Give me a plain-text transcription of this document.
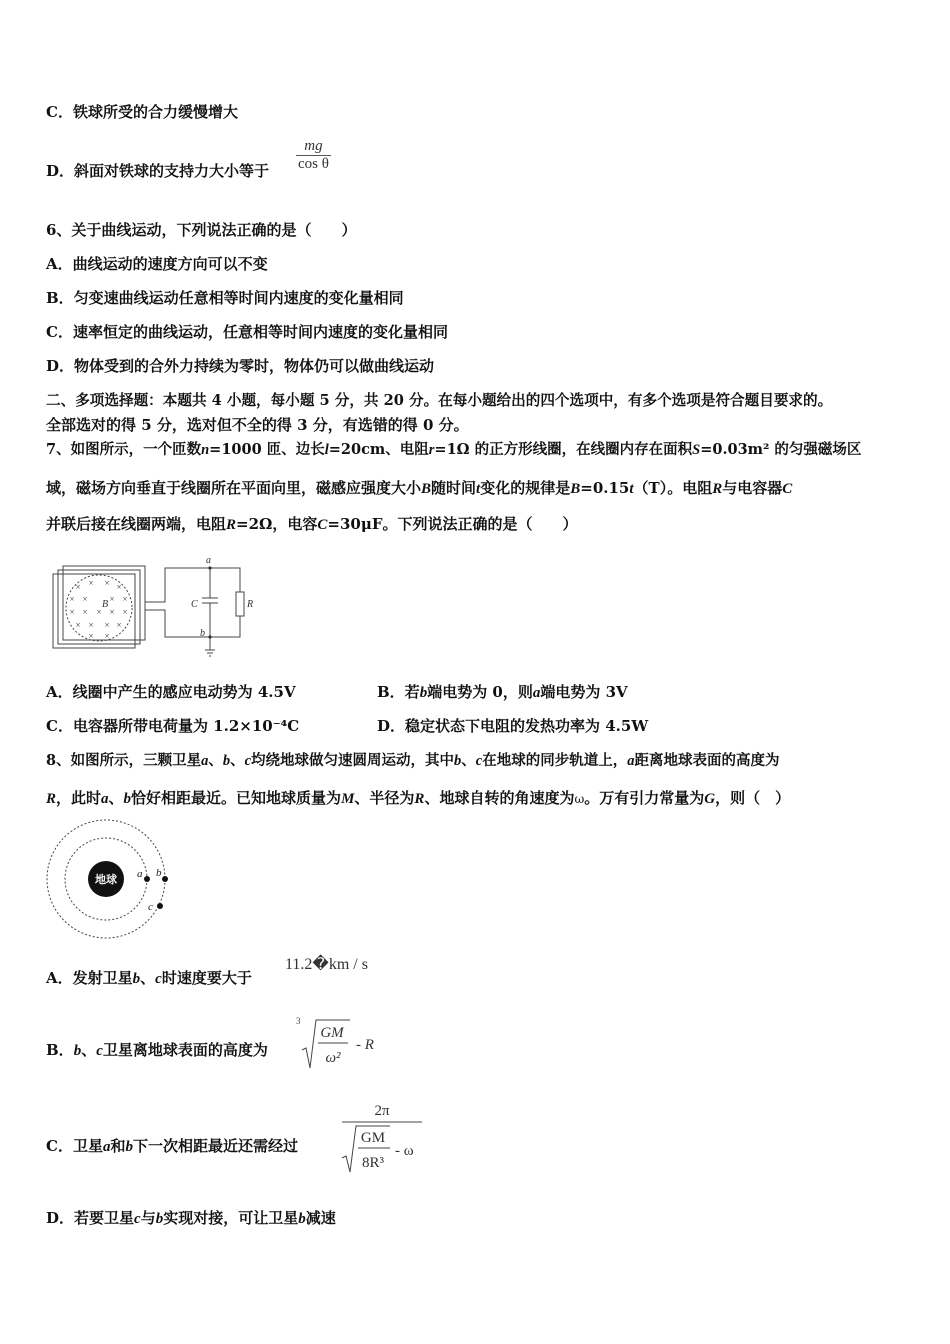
C．铁球所受的合力缓慢增大
D．斜面对铁球的支持力大小等于 $\frac{mg}{\text{cos θ}}$
6、关于曲线运动，下列说法正确的是（　　）
A．曲线运动的速度方向可以不变
B．匀变速曲线运动任意相等时间内速度的变化量相同
C．速率恒定的曲线运动，任意相等时间内速度的变化量相同
D．物体受到的合外力持续为零时，物体仍可以做曲线运动
二、多项选择题：本题共 4 小题，每小题 5 分，共 20 分。在每小题给出的四个选项中，有多个选项是符合题目要求的。
全部选对的得 5 分，选对但不全的得 3 分，有选错的得 0 分。
7、如图所示，一个匝数n=1000 匝、边长l=20cm、电阻r=1Ω 的正方形线圈，在线圈内存在面积S=0.03m² 的匀强磁场区
域，磁场方向垂直于线圈所在平面向里，磁感应强度大小B随时间t变化的规律是B=0.15t（T）。电阻R与电容器C
并联后接在线圈两端，电阻R=2Ω，电容C=30μF。下列说法正确的是（　　）
× × × ×
× × × ×
× × × × ×
× × × ×
× ×
B
a
b
C	R
A．线圈中产生的感应电动势为 4.5V	B．若b端电势为 0，则a端电势为 3V
C．电容器所带电荷量为 1.2×10⁻⁴C	D．稳定状态下电阻的发热功率为 4.5W
8、如图所示，三颗卫星a、b、c均绕地球做匀速圆周运动，其中b、c在地球的同步轨道上，a距离地球表面的高度为
R，此时a、b恰好相距最近。已知地球质量为M、半径为R、地球自转的角速度为ω。万有引力常量为G，则（　）
地球 a b
c
A．发射卫星b、c时速度要大于
11.2�km / s
B．b、c卫星离地球表面的高度为
3
GM
ω²
- R
C．卫星a和b下一次相距最近还需经过
2π
GM
8R³
- ω
D．若要卫星c与b实现对接，可让卫星b减速
